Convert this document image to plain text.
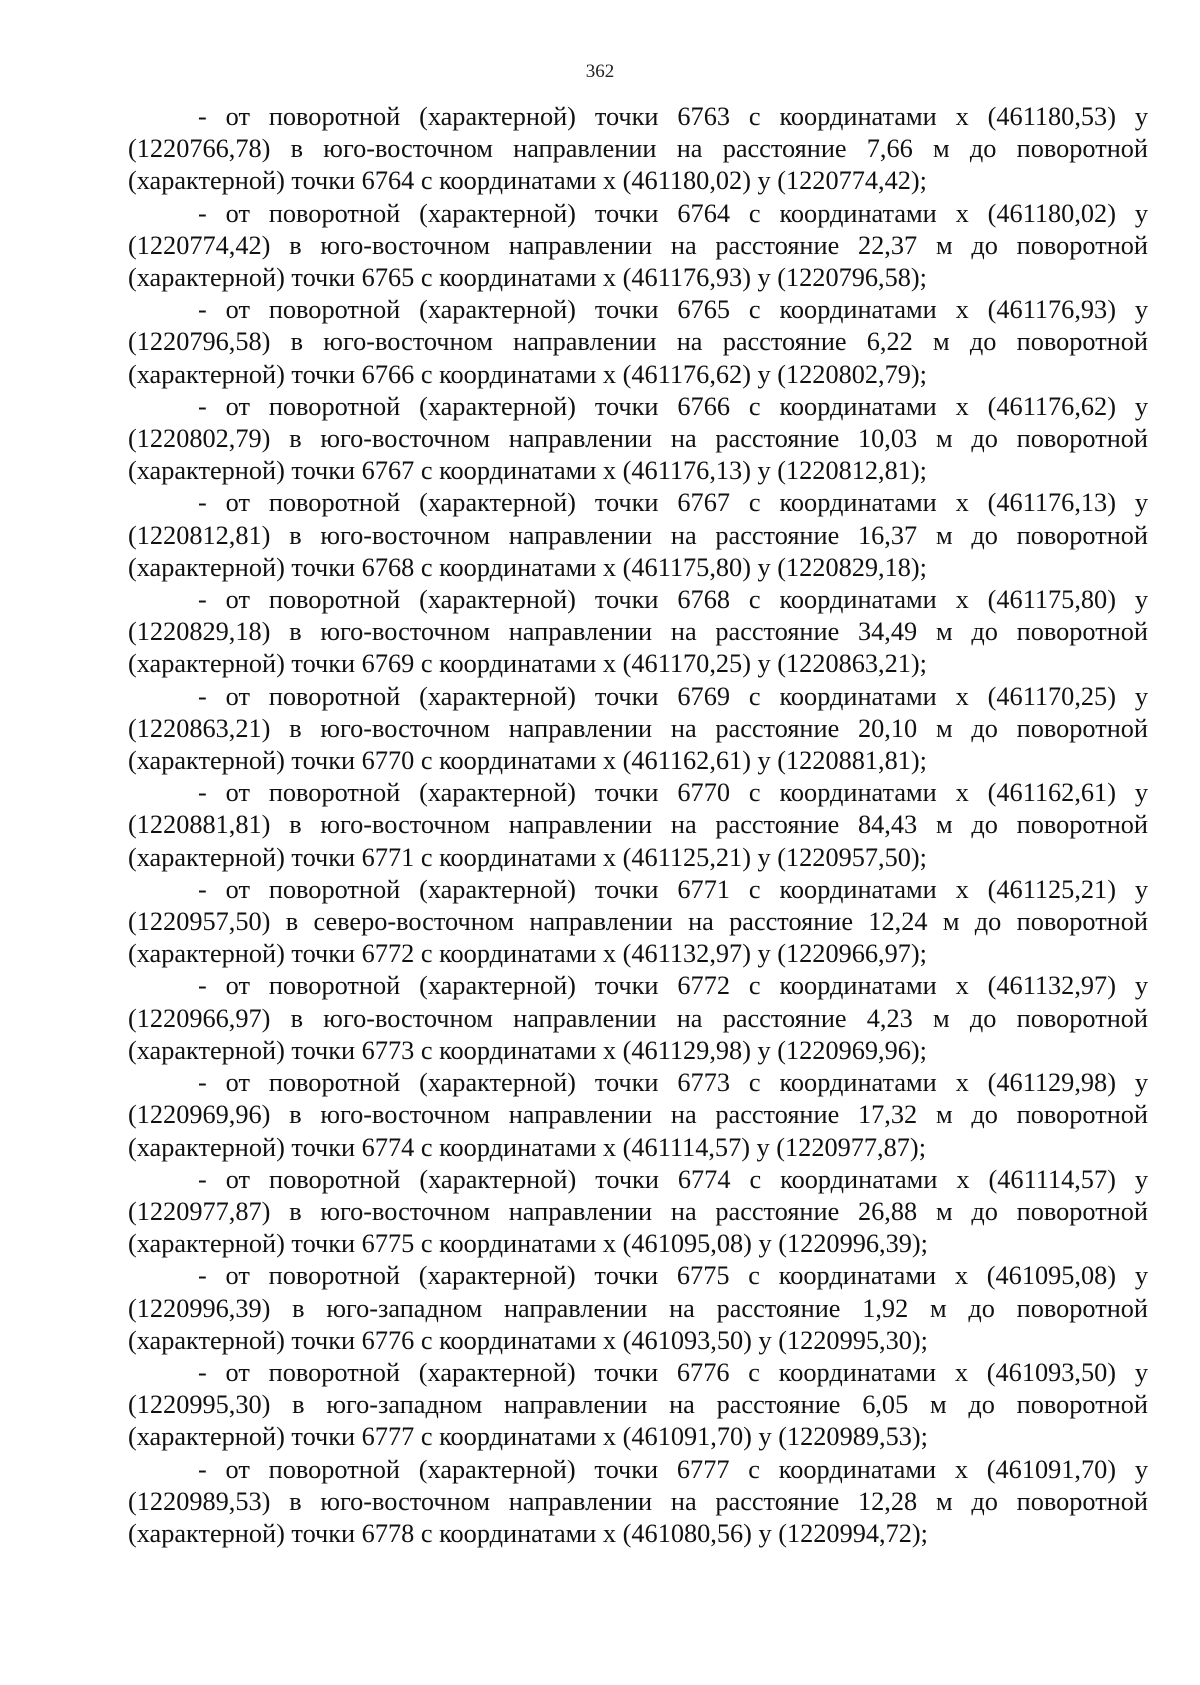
362

- от поворотной (характерной) точки 6763 с координатами x (461180,53) y (1220766,78) в юго-восточном направлении на расстояние 7,66 м до поворотной (характерной) точки 6764 с координатами x (461180,02) y (1220774,42);

- от поворотной (характерной) точки 6764 с координатами x (461180,02) y (1220774,42) в юго-восточном направлении на расстояние 22,37 м до поворотной (характерной) точки 6765 с координатами x (461176,93) y (1220796,58);

- от поворотной (характерной) точки 6765 с координатами x (461176,93) y (1220796,58) в юго-восточном направлении на расстояние 6,22 м до поворотной (характерной) точки 6766 с координатами x (461176,62) y (1220802,79);

- от поворотной (характерной) точки 6766 с координатами x (461176,62) y (1220802,79) в юго-восточном направлении на расстояние 10,03 м до поворотной (характерной) точки 6767 с координатами x (461176,13) y (1220812,81);

- от поворотной (характерной) точки 6767 с координатами x (461176,13) y (1220812,81) в юго-восточном направлении на расстояние 16,37 м до поворотной (характерной) точки 6768 с координатами x (461175,80) y (1220829,18);

- от поворотной (характерной) точки 6768 с координатами x (461175,80) y (1220829,18) в юго-восточном направлении на расстояние 34,49 м до поворотной (характерной) точки 6769 с координатами x (461170,25) y (1220863,21);

- от поворотной (характерной) точки 6769 с координатами x (461170,25) y (1220863,21) в юго-восточном направлении на расстояние 20,10 м до поворотной (характерной) точки 6770 с координатами x (461162,61) y (1220881,81);

- от поворотной (характерной) точки 6770 с координатами x (461162,61) y (1220881,81) в юго-восточном направлении на расстояние 84,43 м до поворотной (характерной) точки 6771 с координатами x (461125,21) y (1220957,50);

- от поворотной (характерной) точки 6771 с координатами x (461125,21) y (1220957,50) в северо-восточном направлении на расстояние 12,24 м до поворотной (характерной) точки 6772 с координатами x (461132,97) y (1220966,97);

- от поворотной (характерной) точки 6772 с координатами x (461132,97) y (1220966,97) в юго-восточном направлении на расстояние 4,23 м до поворотной (характерной) точки 6773 с координатами x (461129,98) y (1220969,96);

- от поворотной (характерной) точки 6773 с координатами x (461129,98) y (1220969,96) в юго-восточном направлении на расстояние 17,32 м до поворотной (характерной) точки 6774 с координатами x (461114,57) y (1220977,87);

- от поворотной (характерной) точки 6774 с координатами x (461114,57) y (1220977,87) в юго-восточном направлении на расстояние 26,88 м до поворотной (характерной) точки 6775 с координатами x (461095,08) y (1220996,39);

- от поворотной (характерной) точки 6775 с координатами x (461095,08) y (1220996,39) в юго-западном направлении на расстояние 1,92 м до поворотной (характерной) точки 6776 с координатами x (461093,50) y (1220995,30);

- от поворотной (характерной) точки 6776 с координатами x (461093,50) y (1220995,30) в юго-западном направлении на расстояние 6,05 м до поворотной (характерной) точки 6777 с координатами x (461091,70) y (1220989,53);

- от поворотной (характерной) точки 6777 с координатами x (461091,70) y (1220989,53) в юго-восточном направлении на расстояние 12,28 м до поворотной (характерной) точки 6778 с координатами x (461080,56) y (1220994,72);
